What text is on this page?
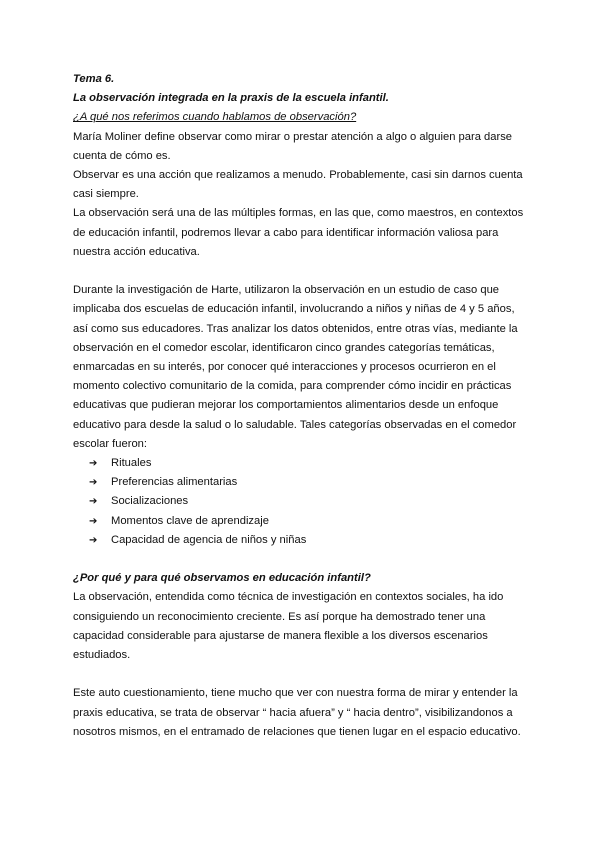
Tema 6.

La observación integrada en la praxis de la escuela infantil.

¿A qué nos referimos cuando hablamos de observación?

María Moliner define observar como mirar o prestar atención a algo o alguien para darse cuenta de cómo es.

Observar es una acción que realizamos a menudo. Probablemente, casi sin darnos cuenta casi siempre.

La observación será una de las múltiples formas, en las que, como maestros, en contextos de educación infantil, podremos llevar a cabo para identificar información valiosa para nuestra acción educativa.

Durante la investigación de Harte, utilizaron la observación en un estudio de caso que implicaba dos escuelas de educación infantil, involucrando a niños y niñas de 4 y 5 años, así como sus educadores. Tras analizar los datos obtenidos, entre otras vías, mediante la observación en el comedor escolar, identificaron cinco grandes categorías temáticas, enmarcadas en su interés, por conocer qué interacciones y procesos ocurrieron en el momento colectivo comunitario de la comida, para comprender cómo incidir en prácticas educativas que pudieran mejorar los comportamientos alimentarios desde un enfoque educativo para desde la salud o lo saludable. Tales categorías observadas en el comedor escolar fueron:

➔ Rituales
➔ Preferencias alimentarias
➔ Socializaciones
➔ Momentos clave de aprendizaje
➔ Capacidad de agencia de niños y niñas

¿Por qué y para qué observamos en educación infantil?

La observación, entendida como técnica de investigación en contextos sociales, ha ido consiguiendo un reconocimiento creciente. Es así porque ha demostrado tener una capacidad considerable para ajustarse de manera flexible a los diversos escenarios estudiados.

Este auto cuestionamiento, tiene mucho que ver con nuestra forma de mirar y entender la praxis educativa, se trata de observar “ hacia afuera” y “ hacia dentro”, visibilizandonos a nosotros mismos, en el entramado de relaciones que tienen lugar en el espacio educativo.
